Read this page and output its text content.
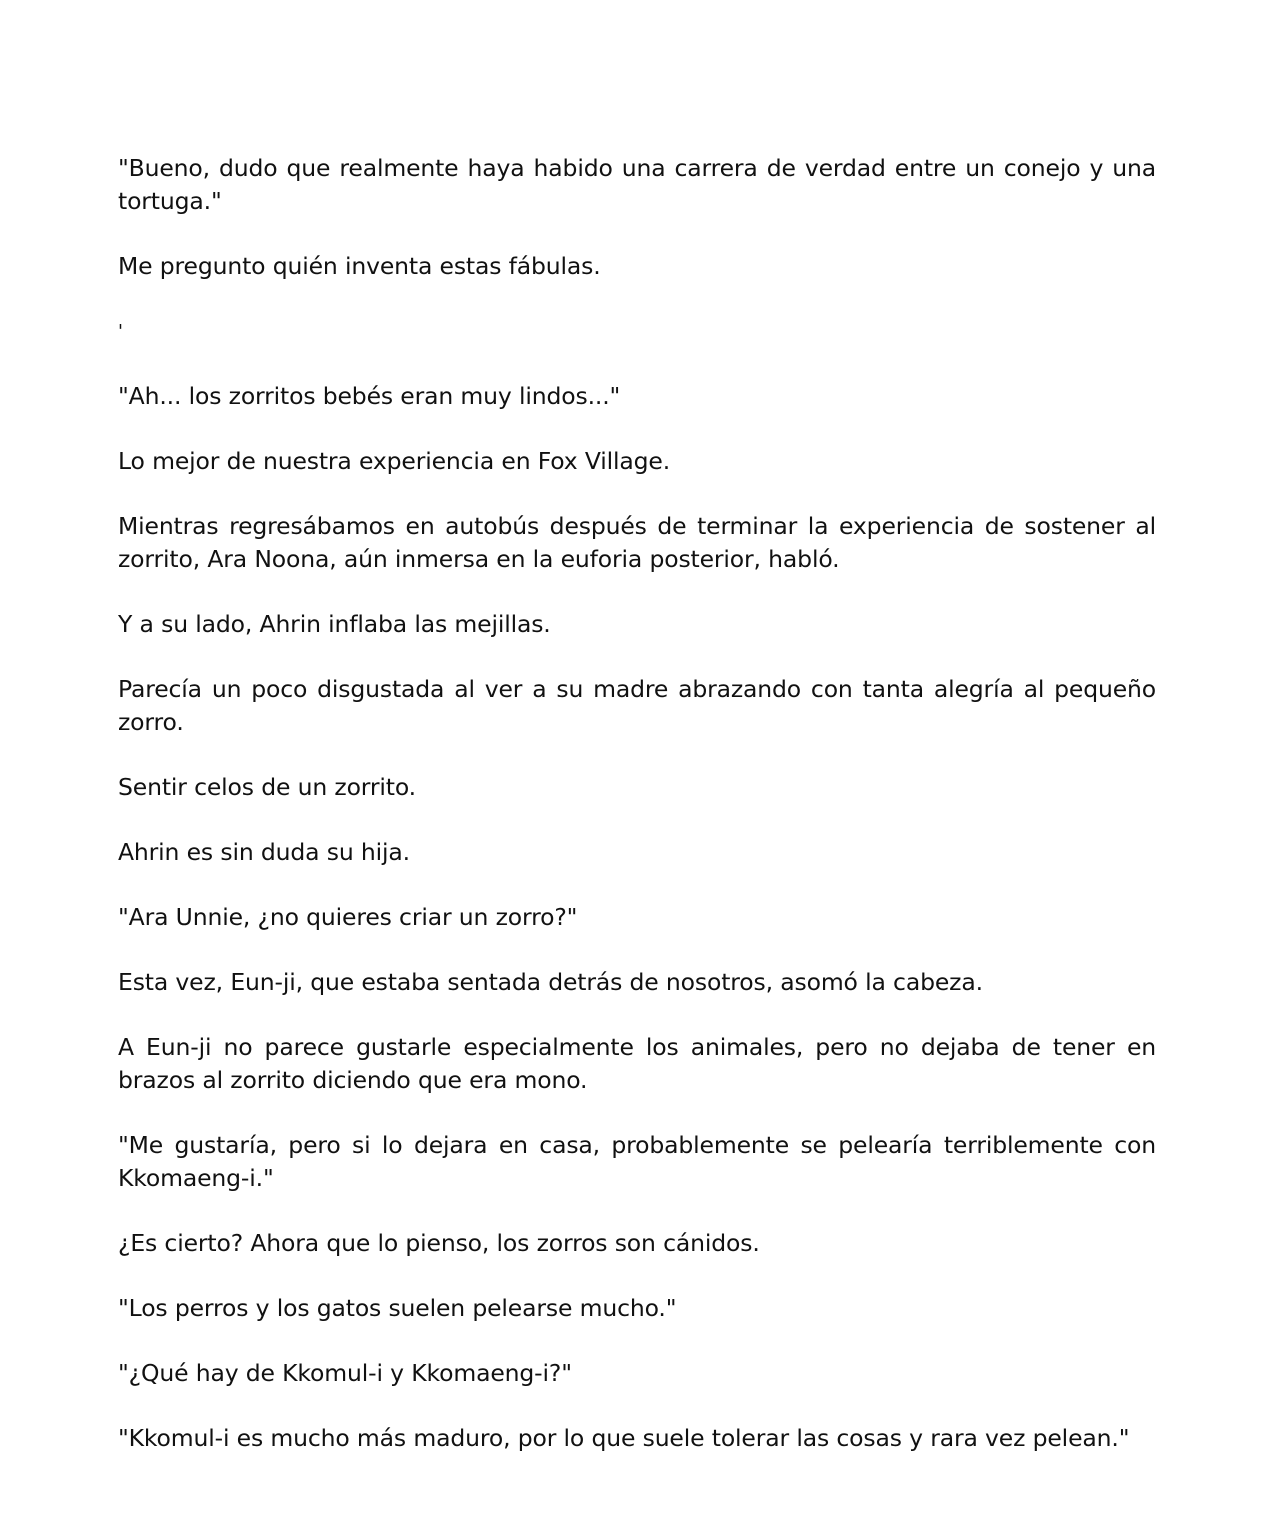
"Bueno, dudo que realmente haya habido una carrera de verdad entre un conejo y una tortuga."

Me pregunto quién inventa estas fábulas.

'

"Ah... los zorritos bebés eran muy lindos..."

Lo mejor de nuestra experiencia en Fox Village.

Mientras regresábamos en autobús después de terminar la experiencia de sostener al zorrito, Ara Noona, aún inmersa en la euforia posterior, habló.

Y a su lado, Ahrin inflaba las mejillas.

Parecía un poco disgustada al ver a su madre abrazando con tanta alegría al pequeño zorro.

Sentir celos de un zorrito.

Ahrin es sin duda su hija.

"Ara Unnie, ¿no quieres criar un zorro?"

Esta vez, Eun-ji, que estaba sentada detrás de nosotros, asomó la cabeza.

A Eun-ji no parece gustarle especialmente los animales, pero no dejaba de tener en brazos al zorrito diciendo que era mono.

"Me gustaría, pero si lo dejara en casa, probablemente se pelearía terriblemente con Kkomaeng-i."

¿Es cierto? Ahora que lo pienso, los zorros son cánidos.

"Los perros y los gatos suelen pelearse mucho."

"¿Qué hay de Kkomul-i y Kkomaeng-i?"

"Kkomul-i es mucho más maduro, por lo que suele tolerar las cosas y rara vez pelean."
